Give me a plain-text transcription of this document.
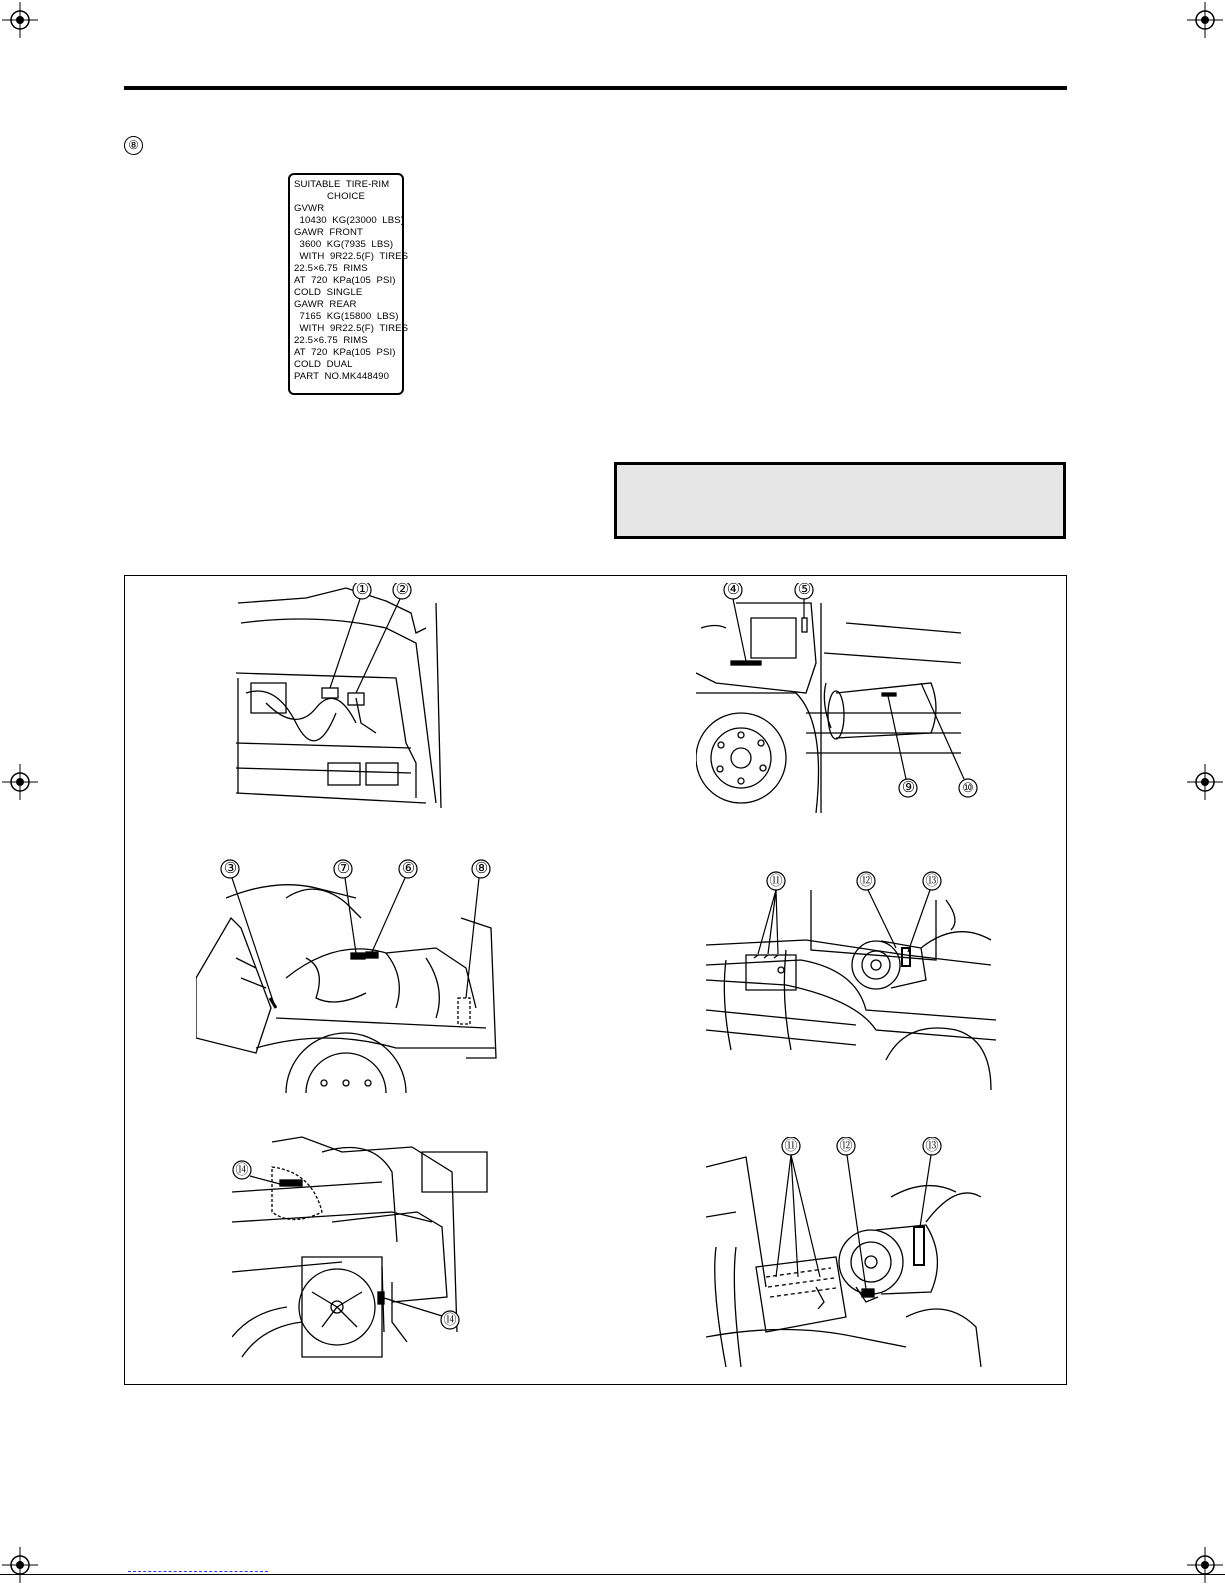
⑧
SUITABLE  TIRE-RIM
CHOICE
GVWR
10430  KG(23000  LBS)
GAWR  FRONT
3600  KG(7935  LBS)
WITH  9R22.5(F)  TIRES
22.5×6.75  RIMS
AT  720  KPa(105  PSI)
COLD  SINGLE
GAWR  REAR
7165  KG(15800  LBS)
WITH  9R22.5(F)  TIRES
22.5×6.75  RIMS
AT  720  KPa(105  PSI)
COLD  DUAL
PART  NO.MK448490
① ②	④	⑤
⑨	⑩
③	⑦	⑥	⑧
⑪	⑫	⑬
⑭
⑭
⑪	⑫	⑬
